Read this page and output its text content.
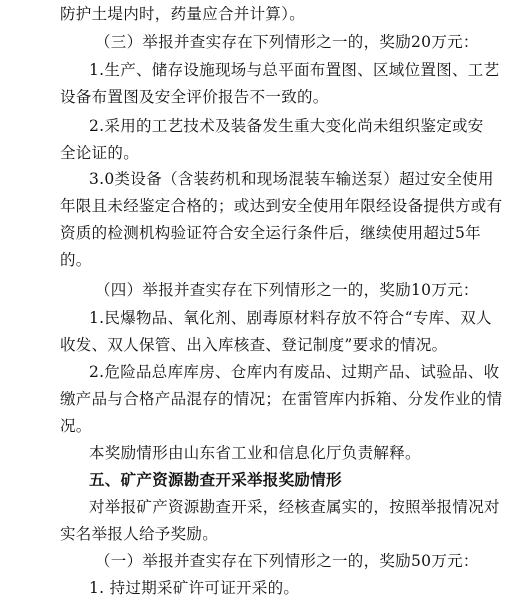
防护土堤内时，药量应合并计算）。

（三）举报并查实存在下列情形之一的，奖励20万元：

1.生产、储存设施现场与总平面布置图、区域位置图、工艺

设备布置图及安全评价报告不一致的。

2.采用的工艺技术及装备发生重大变化尚未组织鉴定或安

全论证的。

3.0类设备（含装药机和现场混装车输送泵）超过安全使用

年限且未经鉴定合格的；或达到安全使用年限经设备提供方或有

资质的检测机构验证符合安全运行条件后，继续使用超过5年

的。

（四）举报并查实存在下列情形之一的，奖励10万元：

1.民爆物品、氧化剂、剧毒原材料存放不符合“专库、双人

收发、双人保管、出入库核查、登记制度”要求的情况。

2.危险品总库库房、仓库内有废品、过期产品、试验品、收

缴产品与合格产品混存的情况；在雷管库内拆箱、分发作业的情

况。

本奖励情形由山东省工业和信息化厅负责解释。

五、矿产资源勘查开采举报奖励情形

对举报矿产资源勘查开采，经核查属实的，按照举报情况对

实名举报人给予奖励。

（一）举报并查实存在下列情形之一的，奖励50万元：

1. 持过期采矿许可证开采的。
